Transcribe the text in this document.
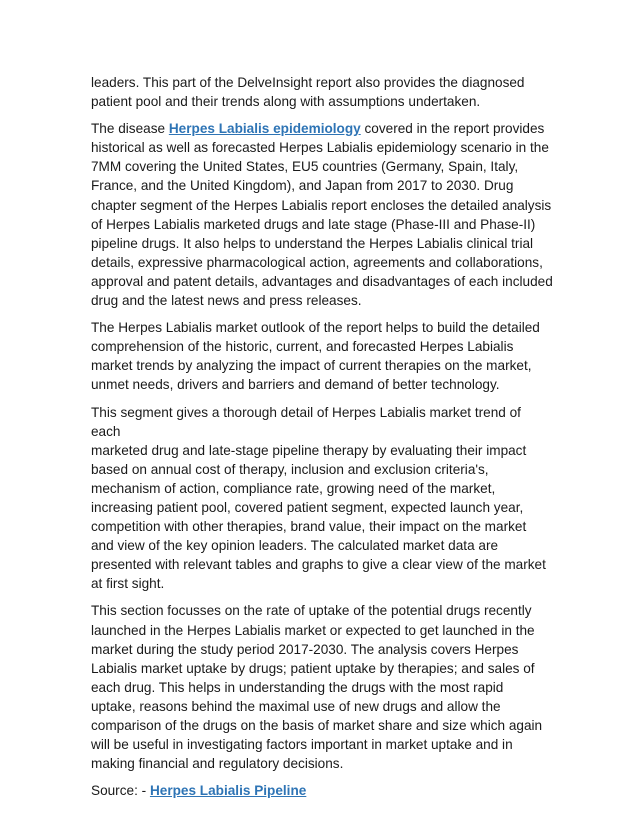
leaders. This part of the DelveInsight report also provides the diagnosed
patient pool and their trends along with assumptions undertaken.

The disease Herpes Labialis epidemiology covered in the report provides
historical as well as forecasted Herpes Labialis epidemiology scenario in the
7MM covering the United States, EU5 countries (Germany, Spain, Italy,
France, and the United Kingdom), and Japan from 2017 to 2030. Drug
chapter segment of the Herpes Labialis report encloses the detailed analysis
of Herpes Labialis marketed drugs and late stage (Phase-III and Phase-II)
pipeline drugs. It also helps to understand the Herpes Labialis clinical trial
details, expressive pharmacological action, agreements and collaborations,
approval and patent details, advantages and disadvantages of each included
drug and the latest news and press releases.

The Herpes Labialis market outlook of the report helps to build the detailed
comprehension of the historic, current, and forecasted Herpes Labialis
market trends by analyzing the impact of current therapies on the market,
unmet needs, drivers and barriers and demand of better technology.

This segment gives a thorough detail of Herpes Labialis market trend of each
marketed drug and late-stage pipeline therapy by evaluating their impact
based on annual cost of therapy, inclusion and exclusion criteria's,
mechanism of action, compliance rate, growing need of the market,
increasing patient pool, covered patient segment, expected launch year,
competition with other therapies, brand value, their impact on the market
and view of the key opinion leaders. The calculated market data are
presented with relevant tables and graphs to give a clear view of the market
at first sight.

This section focusses on the rate of uptake of the potential drugs recently
launched in the Herpes Labialis market or expected to get launched in the
market during the study period 2017-2030. The analysis covers Herpes
Labialis market uptake by drugs; patient uptake by therapies; and sales of
each drug. This helps in understanding the drugs with the most rapid
uptake, reasons behind the maximal use of new drugs and allow the
comparison of the drugs on the basis of market share and size which again
will be useful in investigating factors important in market uptake and in
making financial and regulatory decisions.

Source: - Herpes Labialis Pipeline
